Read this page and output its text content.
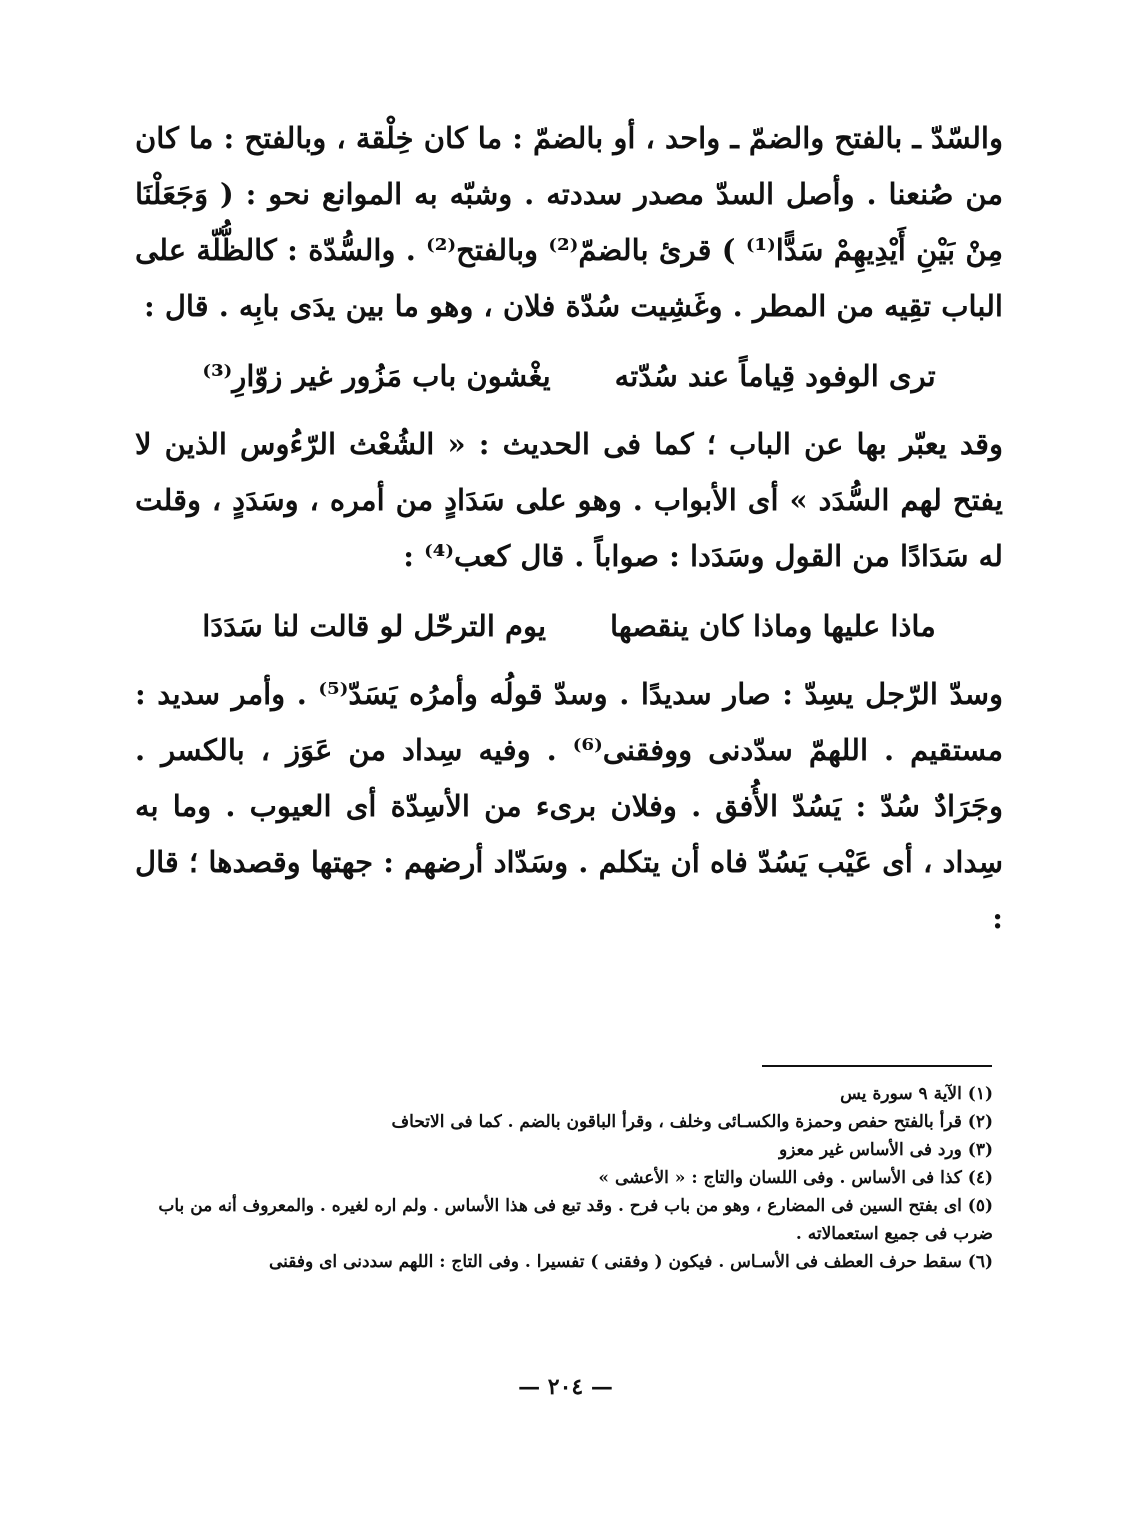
والسّدّ ـ بالفتح والضمّ ـ واحد ، أو بالضمّ : ما كان خِلْقة ، وبالفتح : ما كان من صُنعنا . وأصل السدّ مصدر سددته . وشبّه به الموانع نحو : ( وَجَعَلْنَا مِنْ بَيْنِ أَيْدِيهِمْ سَدًّا⁽¹⁾ ) قرئ بالضمّ⁽²⁾ وبالفتح⁽²⁾ . والسُّدّة : كالظُّلّة على الباب تقِيه من المطر . وغَشِيت سُدّة فلان ، وهو ما بين يدَى بابِه . قال :

ترى الوفود قِياماً عند سُدّته
يغْشون باب مَزُور غير زوّارِ⁽³⁾

وقد يعبّر بها عن الباب ؛ كما فى الحديث : « الشُعْث الرّءُوس الذين لا يفتح لهم السُّدَد » أى الأبواب . وهو على سَدَادٍ من أمره ، وسَدَدٍ ، وقلت له سَدَادًا من القول وسَدَدا : صواباً . قال كعب⁽⁴⁾ :

ماذا عليها وماذا كان ينقصها
يوم الترحّل لو قالت لنا سَدَدَا

وسدّ الرّجل يسِدّ : صار سديدًا . وسدّ قولُه وأمرُه يَسَدّ⁽⁵⁾ . وأمر سديد : مستقيم . اللهمّ سدّدنى ووفقنى⁽⁶⁾ . وفيه سِداد من عَوَز ، بالكسر . وجَرَادٌ سُدّ : يَسُدّ الأُفق . وفلان برىء من الأسِدّة أى العيوب . وما به سِداد ، أى عَيْب يَسُدّ فاه أن يتكلم . وسَدّاد أرضهم : جهتها وقصدها ؛ قال :

(١) الآية ٩ سورة يس

(٢) قرأ بالفتح حفص وحمزة والكسـائى وخلف ، وقرأ الباقون بالضم . كما فى الاتحاف

(٣) ورد فى الأساس غير معزو

(٤) كذا فى الأساس . وفى اللسان والتاج : « الأعشى »

(٥) اى بفتح السين فى المضارع ، وهو من باب فرح . وقد تبع فى هذا الأساس . ولم اره لغيره . والمعروف أنه من باب ضرب فى جميع استعمالاته .

(٦) سقط حرف العطف فى الأسـاس . فيكون ( وفقنى ) تفسيرا . وفى التاج : اللهم سددنى اى وفقنى

— ٢٠٤ —
